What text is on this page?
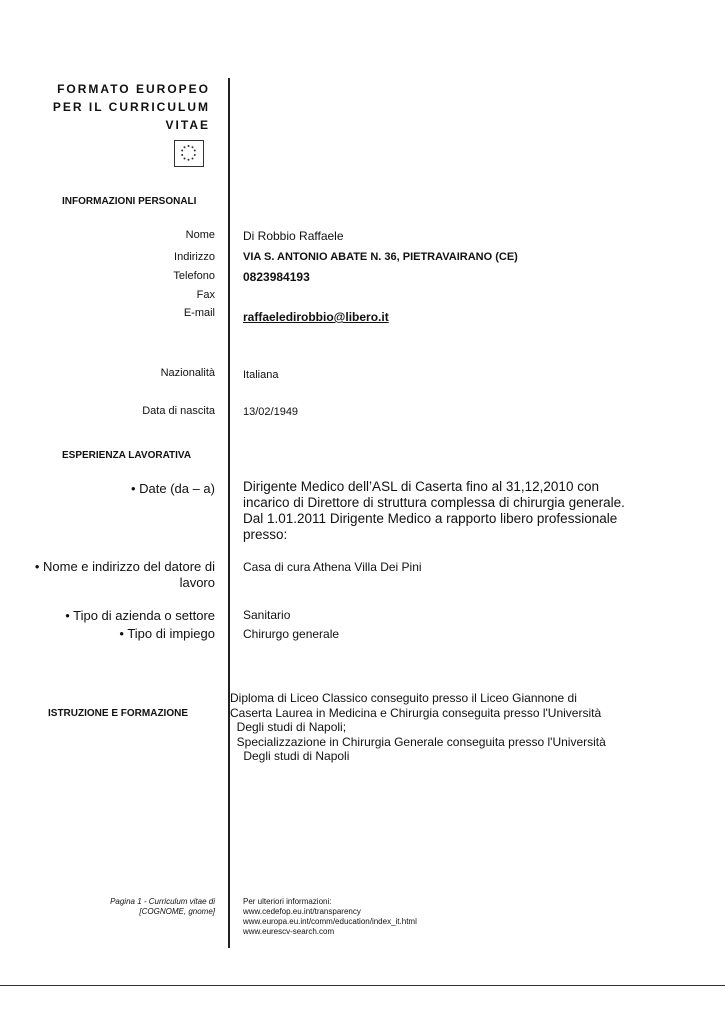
FORMATO EUROPEO
PER IL CURRICULUM
VITAE
INFORMAZIONI PERSONALI
Nome Di Robbio Raffaele
Indirizzo	VIA S. ANTONIO ABATE N. 36, PIETRAVAIRANO (CE)
Telefono 0823984193
Fax
E-mail raffaeledirobbio@libero.it
Nazionalità	Italiana
Data di nascita	13/02/1949
ESPERIENZA LAVORATIVA
• Date (da – a) Dirigente Medico dell’ASL di Caserta fino al 31,12,2010 con
incarico di Direttore di struttura complessa di chirurgia generale.
Dal 1.01.2011 Dirigente Medico a rapporto libero professionale
presso:
• Nome e indirizzo del datore di
lavoro
Casa di cura Athena Villa Dei Pini
• Tipo di azienda o settore Sanitario
• Tipo di impiego Chirurgo generale
ISTRUZIONE E FORMAZIONE
Diploma di Liceo Classico conseguito presso il Liceo Giannone di
Caserta Laurea in Medicina e Chirurgia conseguita presso l'Università
Degli studi di Napoli;
Specializzazione in Chirurgia Generale conseguita presso l'Università
Degli studi di Napoli
Pagina 1 - Curriculum vitae di
[COGNOME, gnome]
Per ulteriori informazioni:
www.cedefop.eu.int/transparency
www.europa.eu.int/comm/education/index_it.html
www.eurescv-search.com
